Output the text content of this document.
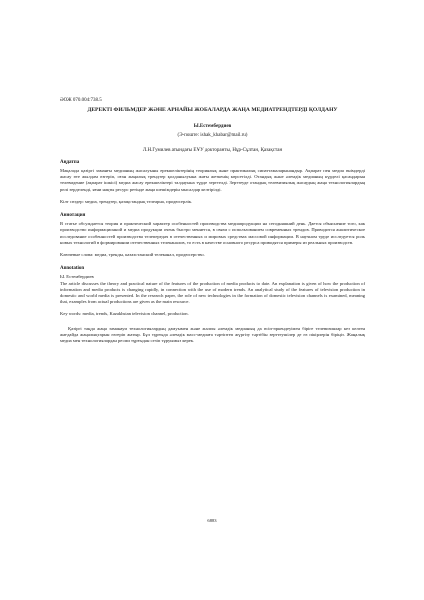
ӘОЖ 070.004:738.5
ДЕРЕКТІ ФИЛЬМДЕР ЖӘНЕ АРНАЙЫ ЖОБАЛАРДА ЖАҢА МЕДИАТРЕНДТЕРДІ ҚОЛДАНУ
Ы.Естембердиев
(Э-поште: ishak_khabar@mail.ru)
Л.Н.Гумилев атындағы ЕҰУ докторанты, Нұр-Сұлтан, Қазақстан
Аңдатпа

Мақалада қазіргі заманғы медианың жасалуыны ерекшеліктерінің теориялық және практикалық сипаттамаларынандыр. Ақпарат пен медиа өнімдерді жасау өте жылдам өзгеріп, оған жаңалық трендтер қолданылуына жағы жеткенің көрсетілді. Отандық және әлемдік медианың күрделі қасаңдарын телевидение (ақпарат ішкісі) медиа жасау ерекшеліктері талдауына түрде зерттелді. Зерттеуде отандық телевизиялық жасаудың жаңа технологиялардың рөлі зерделенді, яғни нақты ресурс ретінде жаңа шешімдерін мысалдар келтірілді.

Кілт сөздер: медиа, трендтер, қазақстандық телеарна, продюсерлік.

Аннотация

В статье обсуждается теория и практический характер особенностей производства медиапродукции на сегодняшний день. Дается объяснение того, как производство информационной и медиа продукции очень быстро меняется, в связи с использованием современных трендов. Приводится аналитическое исследование особенностей производства телепередач в отечественных и мировых средствах массовой информации. В научном труде исследуется роль новых технологий в формировании отечественных телеканалов, то есть в качестве основного ресурса приводятся примеры из реальных производств.

Ключевые слова: медиа, тренды, казахстанский телеканал, продюсерство.

Annotation
Ы. Естембердиев

The article discusses the theory and practical nature of the features of the production of media products to date. An explanation is given of how the production of information and media products is changing rapidly, in connection with the use of modern trends. An analytical study of the features of television production in domestic and world media is presented. In the research paper, the role of new technologies in the formation of domestic television channels is examined, meaning that, examples from actual productions are given as the main resource.

Key words: media, trends, Kazakhstan television channel, production.

Қазіргі таңда жаңа заманауи технологиялардың дамуымен және жалпы әлемдік медианың да өсіп-өркендеуімен біріге телевизиялар кез келген жағдайда жаңалықтарын өзгеріп жатыр. Бұл тұрғыда әлемдік масс-медиаға тәртіптеп жүргізу тәртібін зерттеушілер де өз пікірлерін біріңіз. Жаңалық медиа мен технологиялардан ресми тұрғыдан сезіп тұруымыз керек.

6883
